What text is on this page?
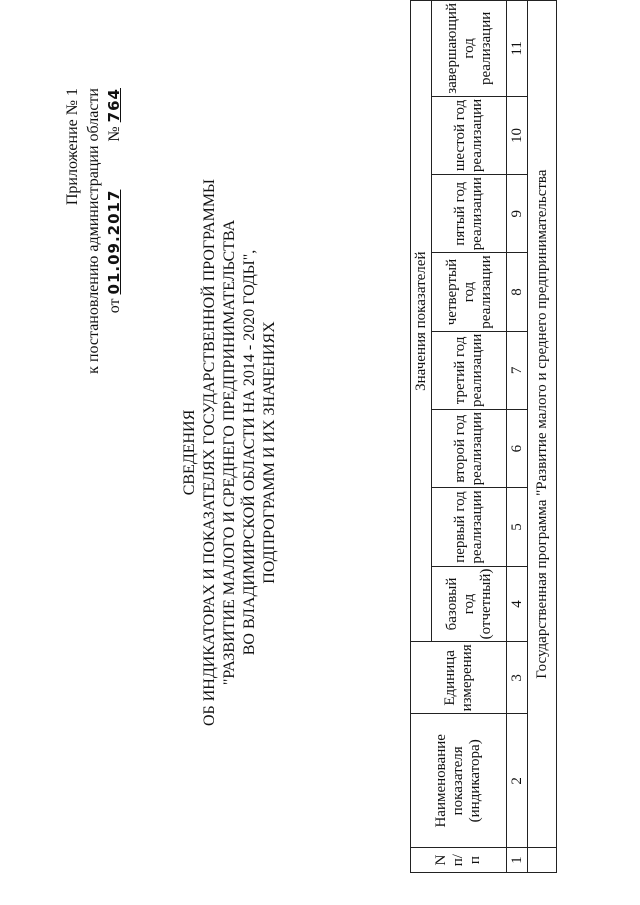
Приложение № 1 к постановлению администрации области от 01.09.2017  № 764
СВЕДЕНИЯ ОБ ИНДИКАТОРАХ И ПОКАЗАТЕЛЯХ ГОСУДАРСТВЕННОЙ ПРОГРАММЫ "РАЗВИТИЕ МАЛОГО И СРЕДНЕГО ПРЕДПРИНИМАТЕЛЬСТВА ВО ВЛАДИМИРСКОЙ ОБЛАСТИ НА 2014 - 2020 ГОДЫ", ПОДПРОГРАММ И ИХ ЗНАЧЕНИЯХ
N п/п	Наименование показателя (индикатора)	Единица измерения	Значения показателей							
			базовый год (отчетный)	первый год реализации	второй год реализации	третий год реализации	четвертый год реализации	пятый год реализации	шестой год реализации	завершающий год реализации
1	2	3	4	5	6	7	8	9	10	11
	Государственная программа "Развитие малого и среднего предпринимательства									
